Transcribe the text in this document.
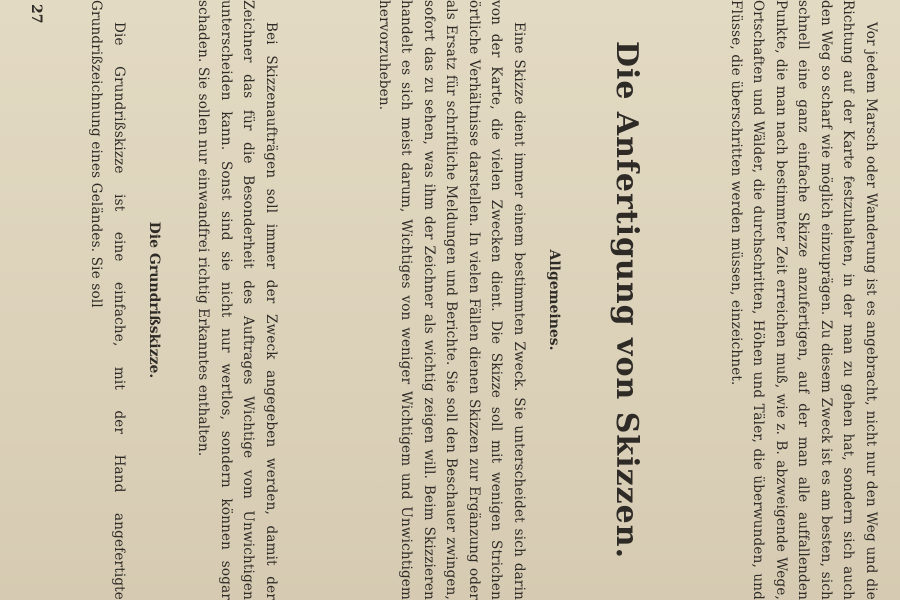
Vor jedem Marsch oder Wanderung ist es angebracht, nicht nur den Weg und die Richtung auf der Karte festzuhalten, in der man zu gehen hat, sondern sich auch den Weg so scharf wie möglich einzuprägen. Zu diesem Zweck ist es am besten, sich schnell eine ganz einfache Skizze anzufertigen, auf der man alle auffallenden Punkte, die man nach bestimmter Zeit erreichen muß, wie z. B. abzweigende Wege, Ortschaften und Wälder, die durchschritten, Höhen und Täler, die überwunden, und Flüsse, die überschritten werden müssen, einzeichnet.

Die Anfertigung von Skizzen.
Allgemeines.

Eine Skizze dient immer einem bestimmten Zweck. Sie unterscheidet sich darin von der Karte, die vielen Zwecken dient. Die Skizze soll mit wenigen Strichen örtliche Verhältnisse darstellen. In vielen Fällen dienen Skizzen zur Ergänzung oder als Ersatz für schriftliche Meldungen und Berichte. Sie soll den Beschauer zwingen, sofort das zu sehen, was ihm der Zeichner als wichtig zeigen will. Beim Skizzieren handelt es sich meist darum, Wichtiges von weniger Wichtigem und Unwichtigem hervorzuheben.

Bei Skizzenaufträgen soll immer der Zweck angegeben werden, damit der Zeichner das für die Besonderheit des Auftrages Wichtige vom Unwichtigen unterscheiden kann. Sonst sind sie nicht nur wertlos, sondern können sogar schaden. Sie sollen nur einwandfrei richtig Erkanntes enthalten.

Die Grundrißskizze.

Die Grundrißskizze ist eine einfache, mit der Hand angefertigte Grundrißzeichnung eines Geländes. Sie soll

27
